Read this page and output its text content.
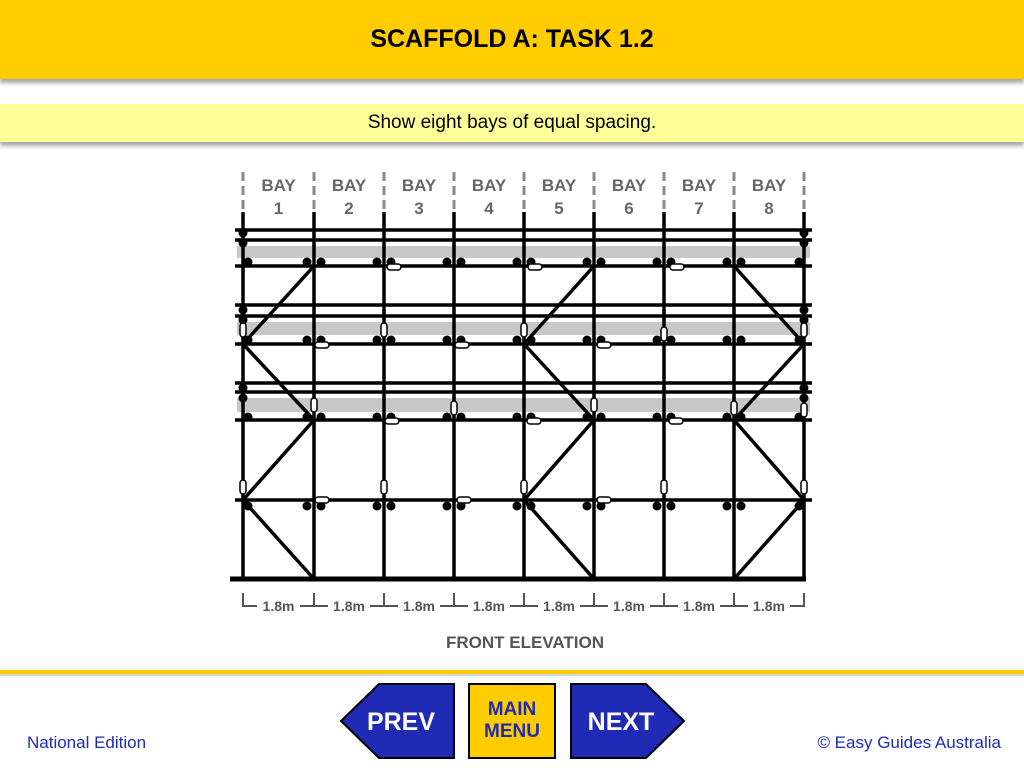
SCAFFOLD A: TASK 1.2
Show eight bays of equal spacing.
BAY
1
BAY
2
BAY
3
BAY
4
BAY
5
BAY
6
BAY
7
BAY
8
1.8m	1.8m	1.8m	1.8m	1.8m	1.8m	1.8m	1.8m
FRONT ELEVATION
National Edition	© Easy Guides Australia
PREV	MAIN
MENU NEXT
